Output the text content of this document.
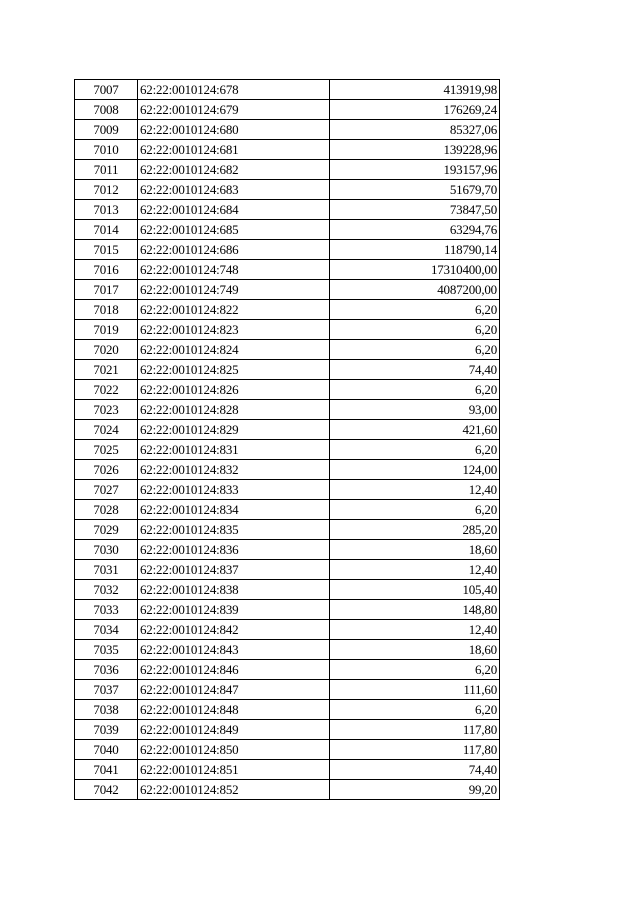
7007	62:22:0010124:678	413919,98
7008	62:22:0010124:679	176269,24
7009	62:22:0010124:680	85327,06
7010	62:22:0010124:681	139228,96
7011	62:22:0010124:682	193157,96
7012	62:22:0010124:683	51679,70
7013	62:22:0010124:684	73847,50
7014	62:22:0010124:685	63294,76
7015	62:22:0010124:686	118790,14
7016	62:22:0010124:748	17310400,00
7017	62:22:0010124:749	4087200,00
7018	62:22:0010124:822	6,20
7019	62:22:0010124:823	6,20
7020	62:22:0010124:824	6,20
7021	62:22:0010124:825	74,40
7022	62:22:0010124:826	6,20
7023	62:22:0010124:828	93,00
7024	62:22:0010124:829	421,60
7025	62:22:0010124:831	6,20
7026	62:22:0010124:832	124,00
7027	62:22:0010124:833	12,40
7028	62:22:0010124:834	6,20
7029	62:22:0010124:835	285,20
7030	62:22:0010124:836	18,60
7031	62:22:0010124:837	12,40
7032	62:22:0010124:838	105,40
7033	62:22:0010124:839	148,80
7034	62:22:0010124:842	12,40
7035	62:22:0010124:843	18,60
7036	62:22:0010124:846	6,20
7037	62:22:0010124:847	111,60
7038	62:22:0010124:848	6,20
7039	62:22:0010124:849	117,80
7040	62:22:0010124:850	117,80
7041	62:22:0010124:851	74,40
7042	62:22:0010124:852	99,20
